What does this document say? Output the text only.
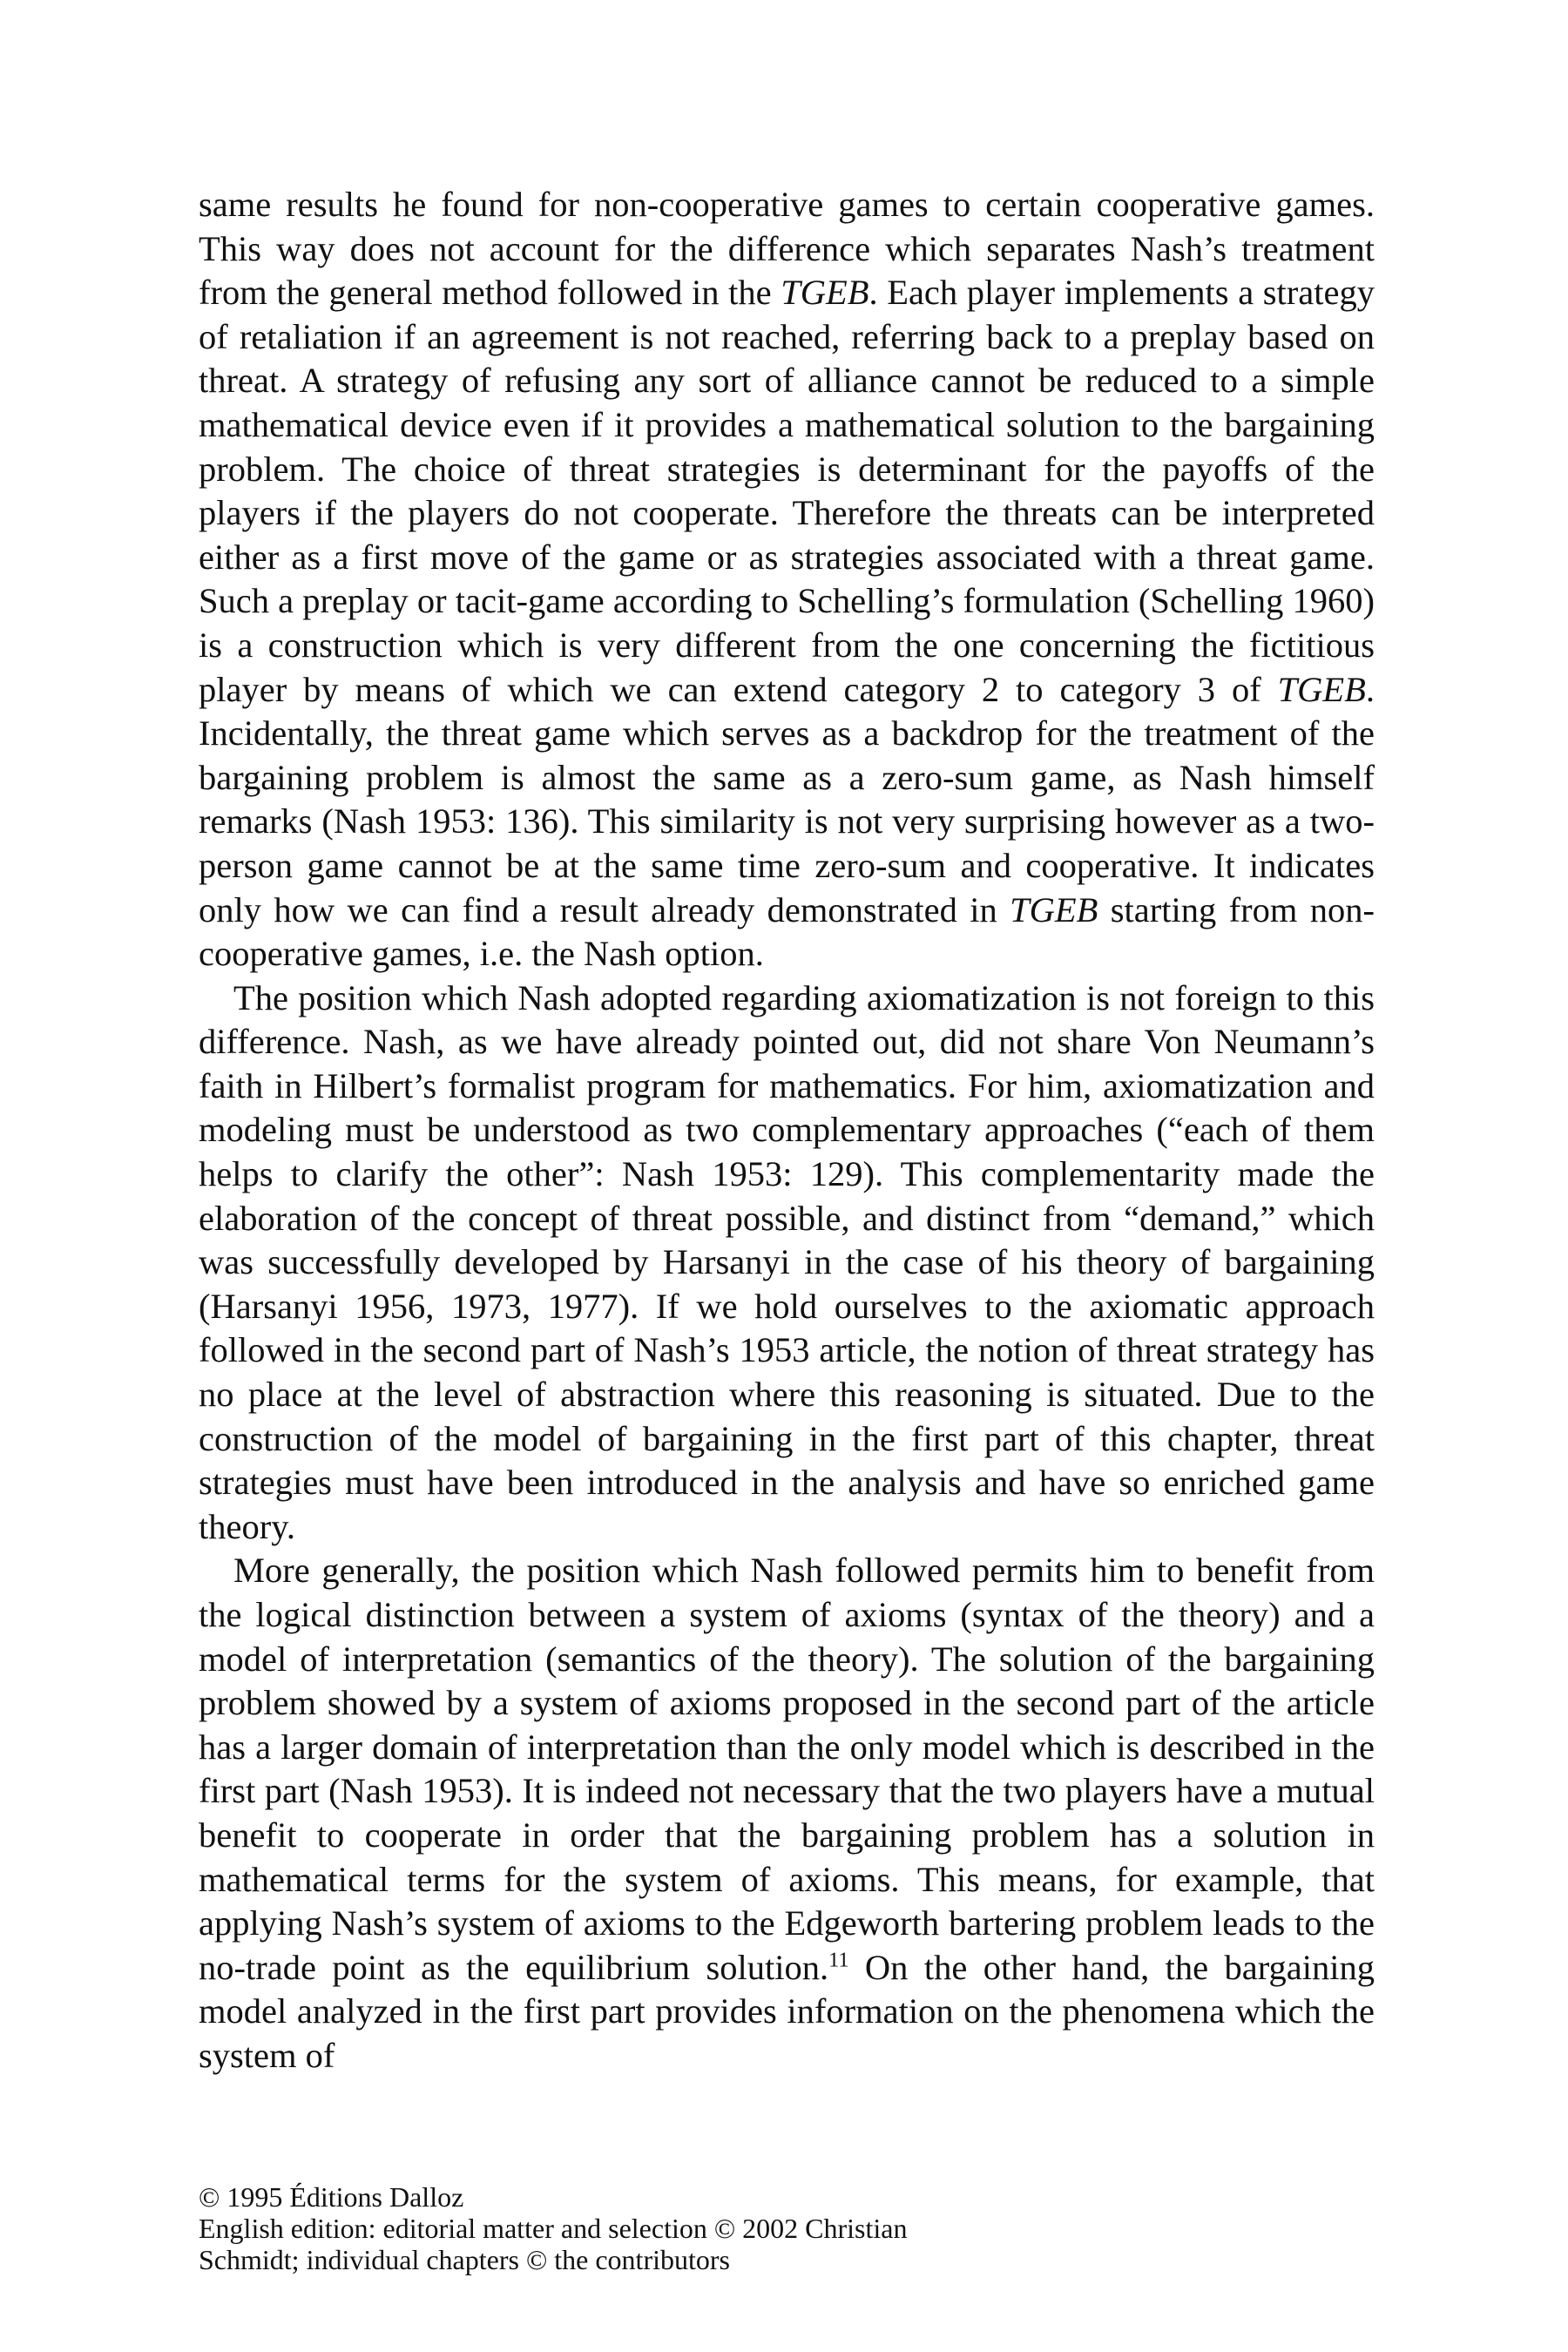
same results he found for non-cooperative games to certain cooperative games. This way does not account for the difference which separates Nash’s treatment from the general method followed in the TGEB. Each player implements a strategy of retaliation if an agreement is not reached, referring back to a preplay based on threat. A strategy of refusing any sort of alliance cannot be reduced to a simple mathematical device even if it provides a mathematical solution to the bargaining problem. The choice of threat strategies is determinant for the payoffs of the players if the players do not cooperate. Therefore the threats can be interpreted either as a first move of the game or as strategies associated with a threat game. Such a preplay or tacit-game according to Schelling’s formulation (Schelling 1960) is a construction which is very different from the one concerning the fictitious player by means of which we can extend category 2 to category 3 of TGEB. Incidentally, the threat game which serves as a backdrop for the treatment of the bargaining problem is almost the same as a zero-sum game, as Nash himself remarks (Nash 1953: 136). This similarity is not very surprising however as a two-person game cannot be at the same time zero-sum and cooperative. It indicates only how we can find a result already demonstrated in TGEB starting from non-cooperative games, i.e. the Nash option.

The position which Nash adopted regarding axiomatization is not foreign to this difference. Nash, as we have already pointed out, did not share Von Neumann’s faith in Hilbert’s formalist program for mathematics. For him, axiomatization and modeling must be understood as two complementary approaches (“each of them helps to clarify the other”: Nash 1953: 129). This complementarity made the elaboration of the concept of threat possible, and distinct from “demand,” which was successfully developed by Harsanyi in the case of his theory of bargaining (Harsanyi 1956, 1973, 1977). If we hold ourselves to the axiomatic approach followed in the second part of Nash’s 1953 article, the notion of threat strategy has no place at the level of abstraction where this reasoning is situated. Due to the construction of the model of bargaining in the first part of this chapter, threat strategies must have been introduced in the analysis and have so enriched game theory.

More generally, the position which Nash followed permits him to benefit from the logical distinction between a system of axioms (syntax of the theory) and a model of interpretation (semantics of the theory). The solution of the bargaining problem showed by a system of axioms proposed in the second part of the article has a larger domain of interpretation than the only model which is described in the first part (Nash 1953). It is indeed not necessary that the two players have a mutual benefit to cooperate in order that the bargaining problem has a solution in mathematical terms for the system of axioms. This means, for example, that applying Nash’s system of axioms to the Edgeworth bartering problem leads to the no-trade point as the equilibrium solution.$^{11}$ On the other hand, the bargaining model analyzed in the first part provides information on the phenomena which the system of

© 1995 Éditions Dalloz
English edition: editorial matter and selection © 2002 Christian
Schmidt; individual chapters © the contributors
